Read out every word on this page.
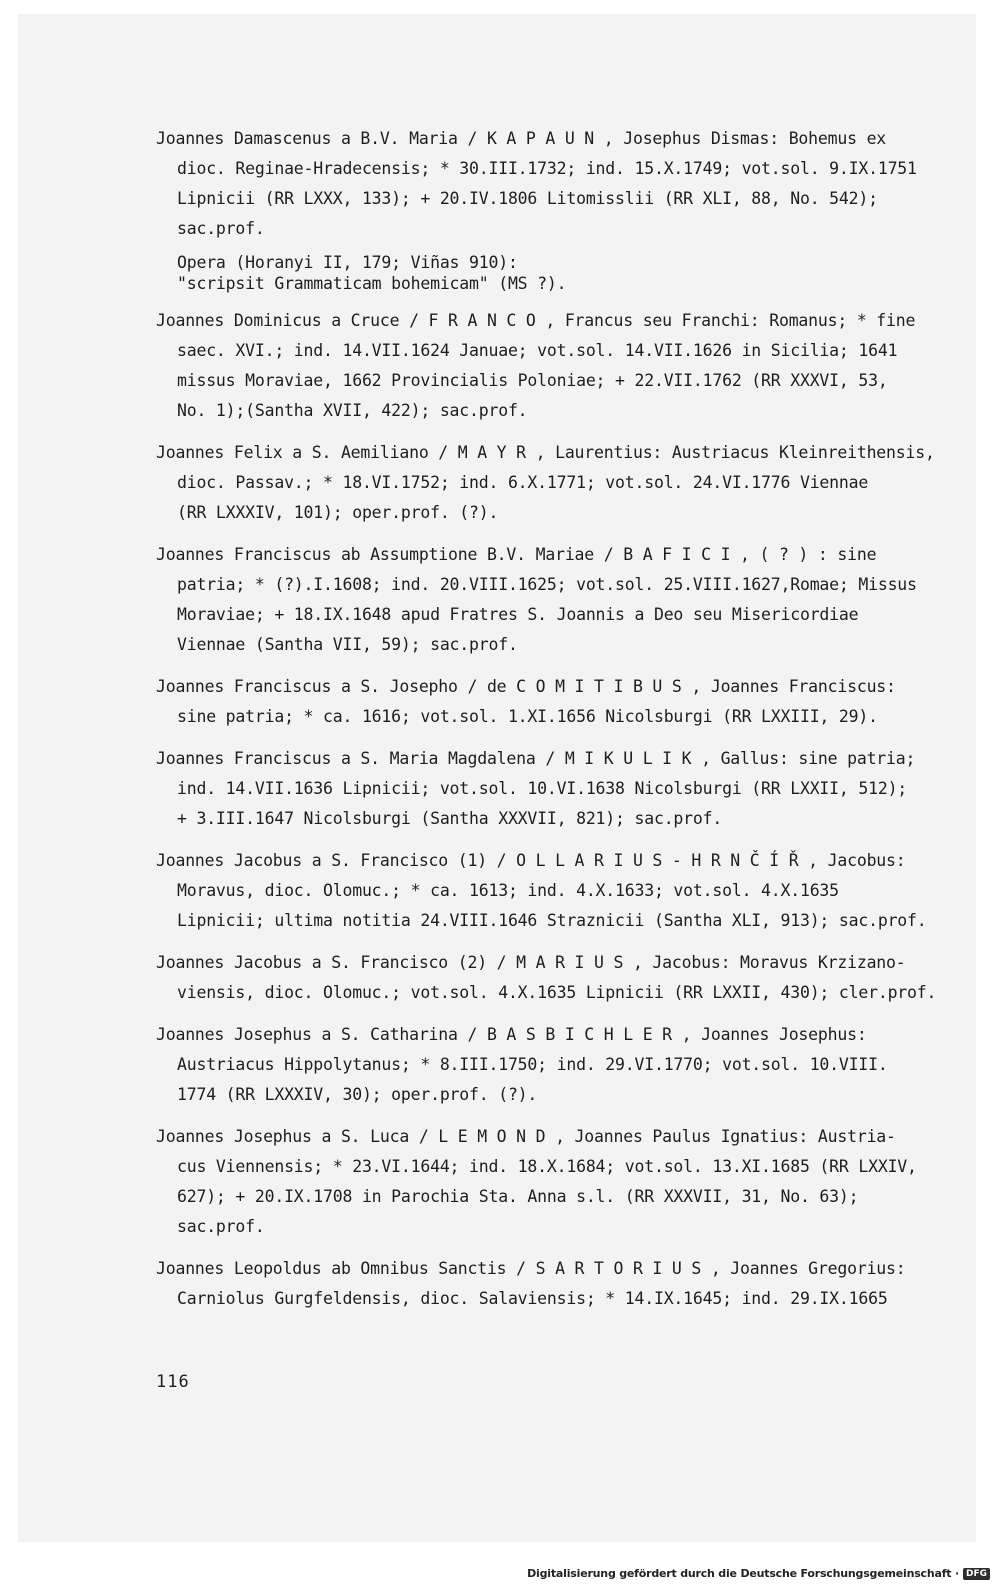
Joannes Damascenus a B.V. Maria / K A P A U N , Josephus Dismas: Bohemus ex
dioc. Reginae-Hradecensis; * 30.III.1732; ind. 15.X.1749; vot.sol. 9.IX.1751
Lipnicii (RR LXXX, 133); + 20.IV.1806 Litomisslii (RR XLI, 88, No. 542);
sac.prof.
Opera (Horanyi II, 179; Viñas 910):
"scripsit Grammaticam bohemicam" (MS ?).
Joannes Dominicus a Cruce / F R A N C O , Francus seu Franchi: Romanus; * fine
saec. XVI.; ind. 14.VII.1624 Januae; vot.sol. 14.VII.1626 in Sicilia; 1641
missus Moraviae, 1662 Provincialis Poloniae; + 22.VII.1762 (RR XXXVI, 53,
No. 1);(Santha XVII, 422); sac.prof.
Joannes Felix a S. Aemiliano / M A Y R , Laurentius: Austriacus Kleinreithensis,
dioc. Passav.; * 18.VI.1752; ind. 6.X.1771; vot.sol. 24.VI.1776 Viennae
(RR LXXXIV, 101); oper.prof. (?).
Joannes Franciscus ab Assumptione B.V. Mariae / B A F I C I , ( ? ) : sine
patria; * (?).I.1608; ind. 20.VIII.1625; vot.sol. 25.VIII.1627,Romae; Missus
Moraviae; + 18.IX.1648 apud Fratres S. Joannis a Deo seu Misericordiae
Viennae (Santha VII, 59); sac.prof.
Joannes Franciscus a S. Josepho / de C O M I T I B U S , Joannes Franciscus:
sine patria; * ca. 1616; vot.sol. 1.XI.1656 Nicolsburgi (RR LXXIII, 29).
Joannes Franciscus a S. Maria Magdalena / M I K U L I K , Gallus: sine patria;
ind. 14.VII.1636 Lipnicii; vot.sol. 10.VI.1638 Nicolsburgi (RR LXXII, 512);
+ 3.III.1647 Nicolsburgi (Santha XXXVII, 821); sac.prof.
Joannes Jacobus a S. Francisco (1) / O L L A R I U S - H R N Č Í Ř , Jacobus:
Moravus, dioc. Olomuc.; * ca. 1613; ind. 4.X.1633; vot.sol. 4.X.1635
Lipnicii; ultima notitia 24.VIII.1646 Straznicii (Santha XLI, 913); sac.prof.
Joannes Jacobus a S. Francisco (2) / M A R I U S , Jacobus: Moravus Krzizano-
viensis, dioc. Olomuc.; vot.sol. 4.X.1635 Lipnicii (RR LXXII, 430); cler.prof.
Joannes Josephus a S. Catharina / B A S B I C H L E R , Joannes Josephus:
Austriacus Hippolytanus; * 8.III.1750; ind. 29.VI.1770; vot.sol. 10.VIII.
1774 (RR LXXXIV, 30); oper.prof. (?).
Joannes Josephus a S. Luca / L E M O N D , Joannes Paulus Ignatius: Austria-
cus Viennensis; * 23.VI.1644; ind. 18.X.1684; vot.sol. 13.XI.1685 (RR LXXIV,
627); + 20.IX.1708 in Parochia Sta. Anna s.l. (RR XXXVII, 31, No. 63);
sac.prof.
Joannes Leopoldus ab Omnibus Sanctis / S A R T O R I U S , Joannes Gregorius:
Carniolus Gurgfeldensis, dioc. Salaviensis; * 14.IX.1645; ind. 29.IX.1665
116
Digitalisierung gefördert durch die Deutsche Forschungsgemeinschaft · DFG
